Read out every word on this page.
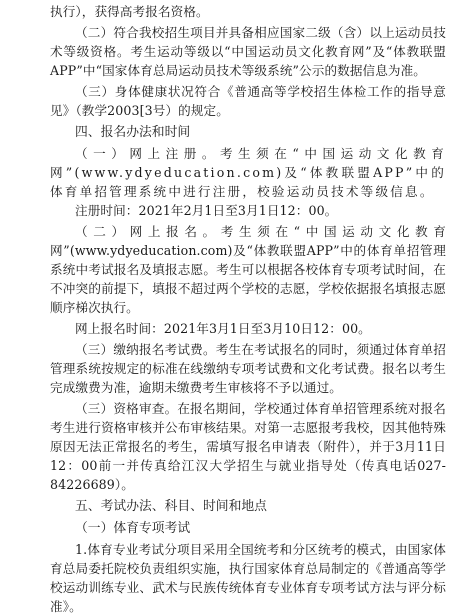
执行），获得高考报名资格。

（二）符合我校招生项目并具备相应国家二级（含）以上运动员技术等级资格。考生运动等级以“中国运动员文化教育网”及“体教联盟APP”中“国家体育总局运动员技术等级系统”公示的数据信息为准。

（三）身体健康状况符合《普通高等学校招生体检工作的指导意见》（教学2003[3号）的规定。

四、报名办法和时间

（一）网上注册。考生须在“中国运动文化教育网”(www.ydyeducation.com)及“体教联盟APP”中的体育单招管理系统中进行注册，校验运动员技术等级信息。

注册时间：2021年2月1日至3月1日12：00。

（二）网上报名。考生须在“中国运动文化教育网”(www.ydyeducation.com)及“体教联盟APP”中的体育单招管理系统中考试报名及填报志愿。考生可以根据各校体育专项考试时间，在不冲突的前提下，填报不超过两个学校的志愿，学校依据报名填报志愿顺序梯次执行。

网上报名时间：2021年3月1日至3月10日12：00。

（三）缴纳报名考试费。考生在考试报名的同时，须通过体育单招管理系统按规定的标准在线缴纳专项考试费和文化考试费。报名以考生完成缴费为准，逾期未缴费考生审核将不予以通过。

（三）资格审查。在报名期间，学校通过体育单招管理系统对报名考生进行资格审核并公布审核结果。对第一志愿报考我校，因其他特殊原因无法正常报名的考生，需填写报名申请表（附件），并于3月11日12：00前一并传真给江汉大学招生与就业指导处（传真电话027-84226689）。

五、考试办法、科目、时间和地点

（一）体育专项考试

1.体育专业考试分项目采用全国统考和分区统考的模式，由国家体育总局委托院校负责组织实施，执行国家体育总局制定的《普通高等学校运动训练专业、武术与民族传统体育专业体育专项考试方法与评分标准》。
